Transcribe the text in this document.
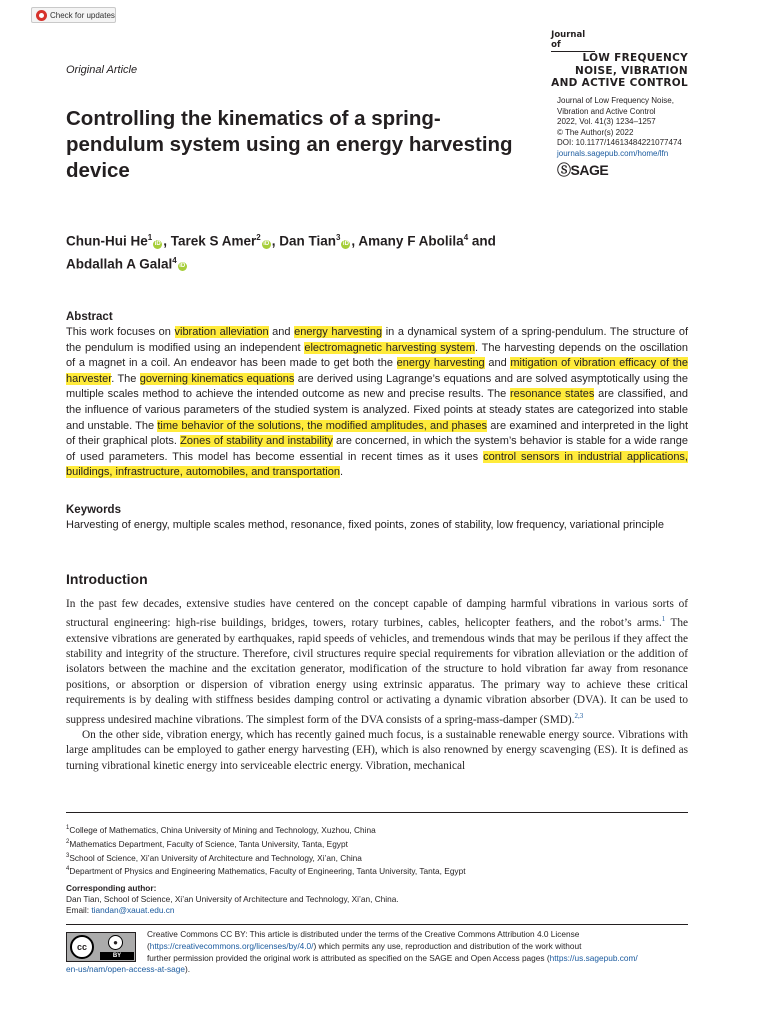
Check for updates
Journal of
LOW FREQUENCY
NOISE, VIBRATION
AND ACTIVE CONTROL
Original Article
Controlling the kinematics of a spring-pendulum system using an energy harvesting device
Journal of Low Frequency Noise,
Vibration and Active Control
2022, Vol. 41(3) 1234–1257
© The Author(s) 2022
DOI: 10.1177/14613484221077474
journals.sagepub.com/home/lfn
ⓈSAGE
Chun-Hui He$^1$iD , Tarek S Amer$^2$iD , Dan Tian$^3$iD , Amany F Abolila$^4$ and
Abdallah A Galal$^4$iD
Abstract
This work focuses on vibration alleviation and energy harvesting in a dynamical system of a spring-pendulum. The structure of the pendulum is modified using an independent electromagnetic harvesting system. The harvesting depends on the oscillation of a magnet in a coil. An endeavor has been made to get both the energy harvesting and mitigation of vibration efficacy of the harvester. The governing kinematics equations are derived using Lagrange’s equations and are solved asymptotically using the multiple scales method to achieve the intended outcome as new and precise results. The resonance states are classified, and the influence of various parameters of the studied system is analyzed. Fixed points at steady states are categorized into stable and unstable. The time behavior of the solutions, the modified amplitudes, and phases are examined and interpreted in the light of their graphical plots. Zones of stability and instability are concerned, in which the system’s behavior is stable for a wide range of used parameters. This model has become essential in recent times as it uses control sensors in industrial applications, buildings, infrastructure, automobiles, and transportation.
Keywords
Harvesting of energy, multiple scales method, resonance, fixed points, zones of stability, low frequency, variational principle
Introduction

In the past few decades, extensive studies have centered on the concept capable of damping harmful vibrations in various sorts of structural engineering: high-rise buildings, bridges, towers, rotary turbines, cables, helicopter feathers, and the robot’s arms.$^1$ The extensive vibrations are generated by earthquakes, rapid speeds of vehicles, and tremendous winds that may be perilous if they affect the stability and integrity of the structure. Therefore, civil structures require special requirements for vibration alleviation or the addition of isolators between the machine and the excitation generator, modification of the structure to hold vibration far away from resonance positions, or absorption or dispersion of vibration energy using extrinsic apparatus. The primary way to achieve these critical requirements is by dealing with stiffness besides damping control or activating a dynamic vibration absorber (DVA). It can be used to suppress undesired machine vibrations. The simplest form of the DVA consists of a spring-mass-damper (SMD).$^{2,3}$

On the other side, vibration energy, which has recently gained much focus, is a sustainable renewable energy source. Vibrations with large amplitudes can be employed to gather energy harvesting (EH), which is also renowned by energy scavenging (ES). It is defined as turning vibrational kinetic energy into serviceable electric energy. Vibration, mechanical

$^1$College of Mathematics, China University of Mining and Technology, Xuzhou, China
$^2$Mathematics Department, Faculty of Science, Tanta University, Tanta, Egypt
$^3$School of Science, Xi’an University of Architecture and Technology, Xi’an, China
$^4$Department of Physics and Engineering Mathematics, Faculty of Engineering, Tanta University, Tanta, Egypt
Corresponding author:
Dan Tian, School of Science, Xi’an University of Architecture and Technology, Xi’an, China.
Email: tiandan@xauat.edu.cn
cc	●
BY
Creative Commons CC BY: This article is distributed under the terms of the Creative Commons Attribution 4.0 License
(https://creativecommons.org/licenses/by/4.0/) which permits any use, reproduction and distribution of the work without
further permission provided the original work is attributed as specified on the SAGE and Open Access pages (https://us.sagepub.com/
en-us/nam/open-access-at-sage).
